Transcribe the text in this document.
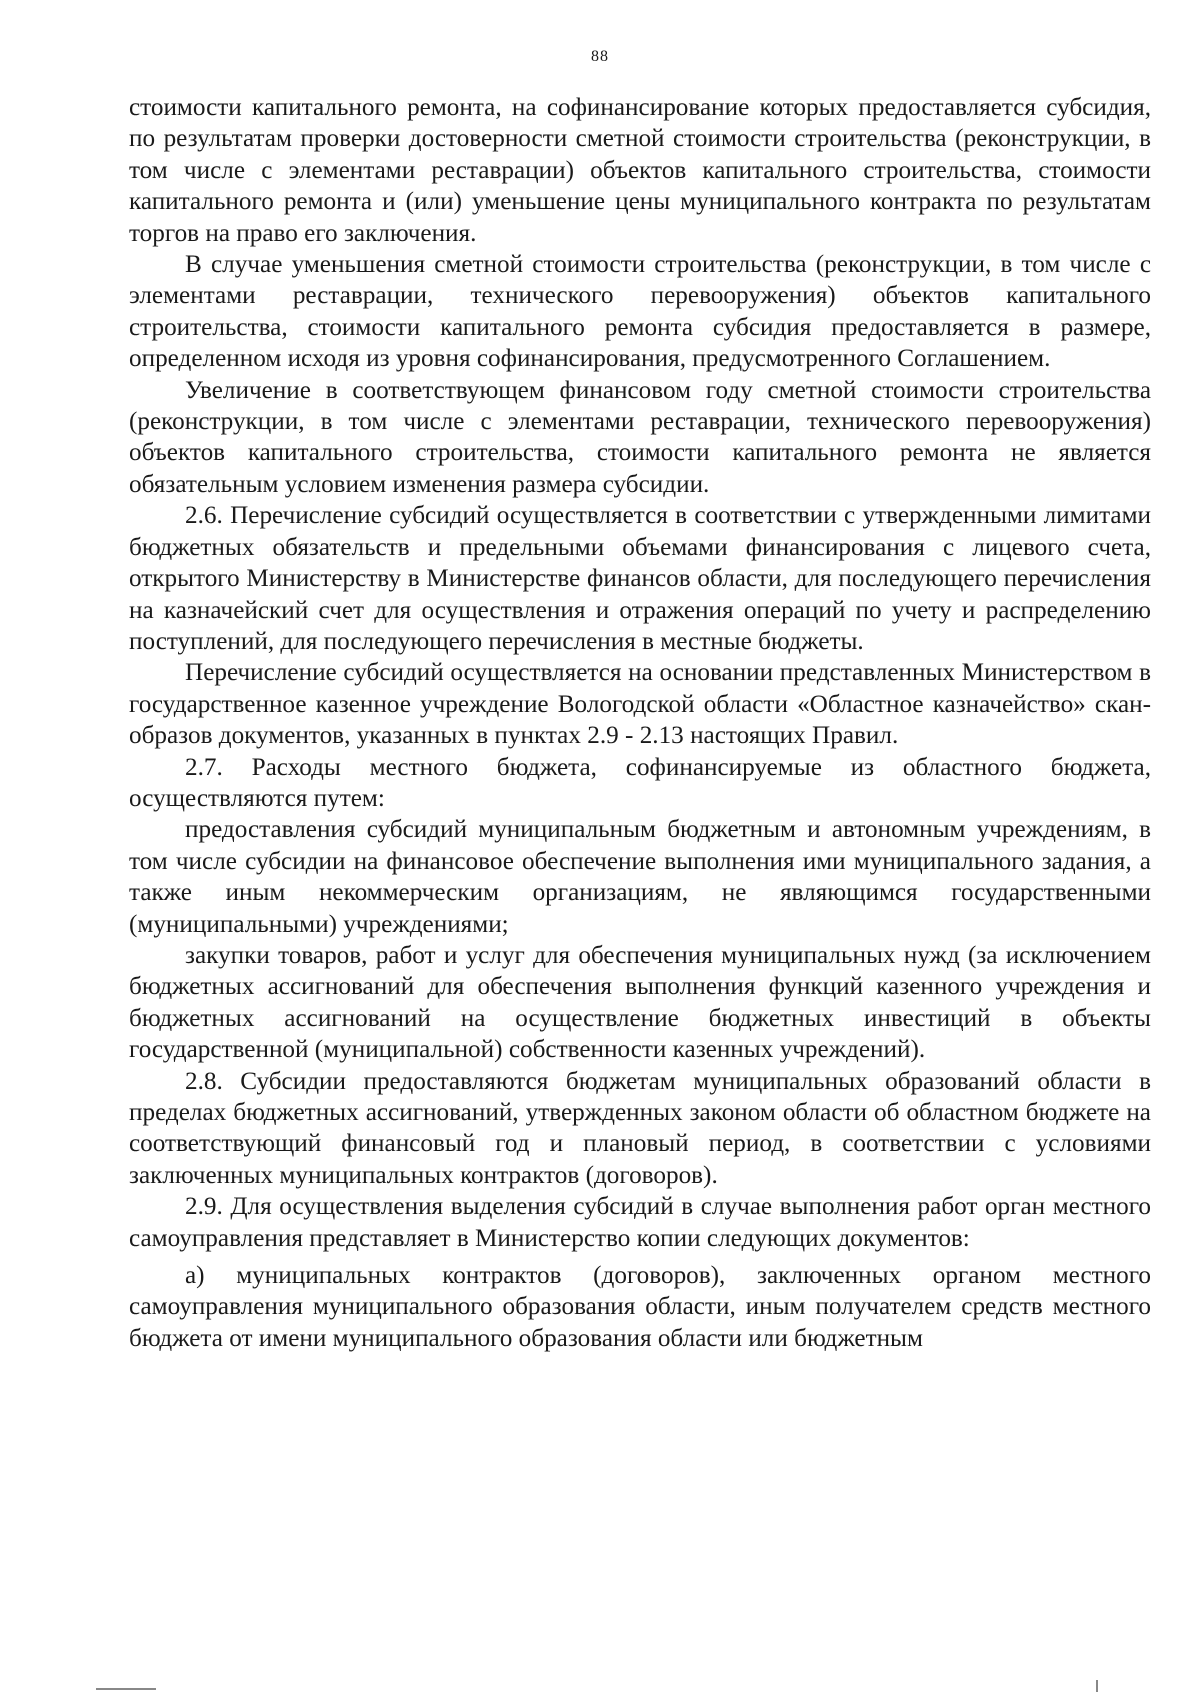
88

стоимости капитального ремонта, на софинансирование которых предоставляется субсидия, по результатам проверки достоверности сметной стоимости строительства (реконструкции, в том числе с элементами реставрации) объектов капитального строительства, стоимости капитального ремонта и (или) уменьшение цены муниципального контракта по результатам торгов на право его заключения.

В случае уменьшения сметной стоимости строительства (реконструкции, в том числе с элементами реставрации, технического перевооружения) объектов капитального строительства, стоимости капитального ремонта субсидия предоставляется в размере, определенном исходя из уровня софинансирования, предусмотренного Соглашением.

Увеличение в соответствующем финансовом году сметной стоимости строительства (реконструкции, в том числе с элементами реставрации, технического перевооружения) объектов капитального строительства, стоимости капитального ремонта не является обязательным условием изменения размера субсидии.

2.6. Перечисление субсидий осуществляется в соответствии с утвержденными лимитами бюджетных обязательств и предельными объемами финансирования с лицевого счета, открытого Министерству в Министерстве финансов области, для последующего перечисления на казначейский счет для осуществления и отражения операций по учету и распределению поступлений, для последующего перечисления в местные бюджеты.

Перечисление субсидий осуществляется на основании представленных Министерством в государственное казенное учреждение Вологодской области «Областное казначейство» скан-образов документов, указанных в пунктах 2.9 - 2.13 настоящих Правил.

2.7. Расходы местного бюджета, софинансируемые из областного бюджета, осуществляются путем:

предоставления субсидий муниципальным бюджетным и автономным учреждениям, в том числе субсидии на финансовое обеспечение выполнения ими муниципального задания, а также иным некоммерческим организациям, не являющимся государственными (муниципальными) учреждениями;

закупки товаров, работ и услуг для обеспечения муниципальных нужд (за исключением бюджетных ассигнований для обеспечения выполнения функций казенного учреждения и бюджетных ассигнований на осуществление бюджетных инвестиций в объекты государственной (муниципальной) собственности казенных учреждений).

2.8. Субсидии предоставляются бюджетам муниципальных образований области в пределах бюджетных ассигнований, утвержденных законом области об областном бюджете на соответствующий финансовый год и плановый период, в соответствии с условиями заключенных муниципальных контрактов (договоров).

2.9. Для осуществления выделения субсидий в случае выполнения работ орган местного самоуправления представляет в Министерство копии следующих документов:

а) муниципальных контрактов (договоров), заключенных органом местного самоуправления муниципального образования области, иным получателем средств местного бюджета от имени муниципального образования области или бюджетным
